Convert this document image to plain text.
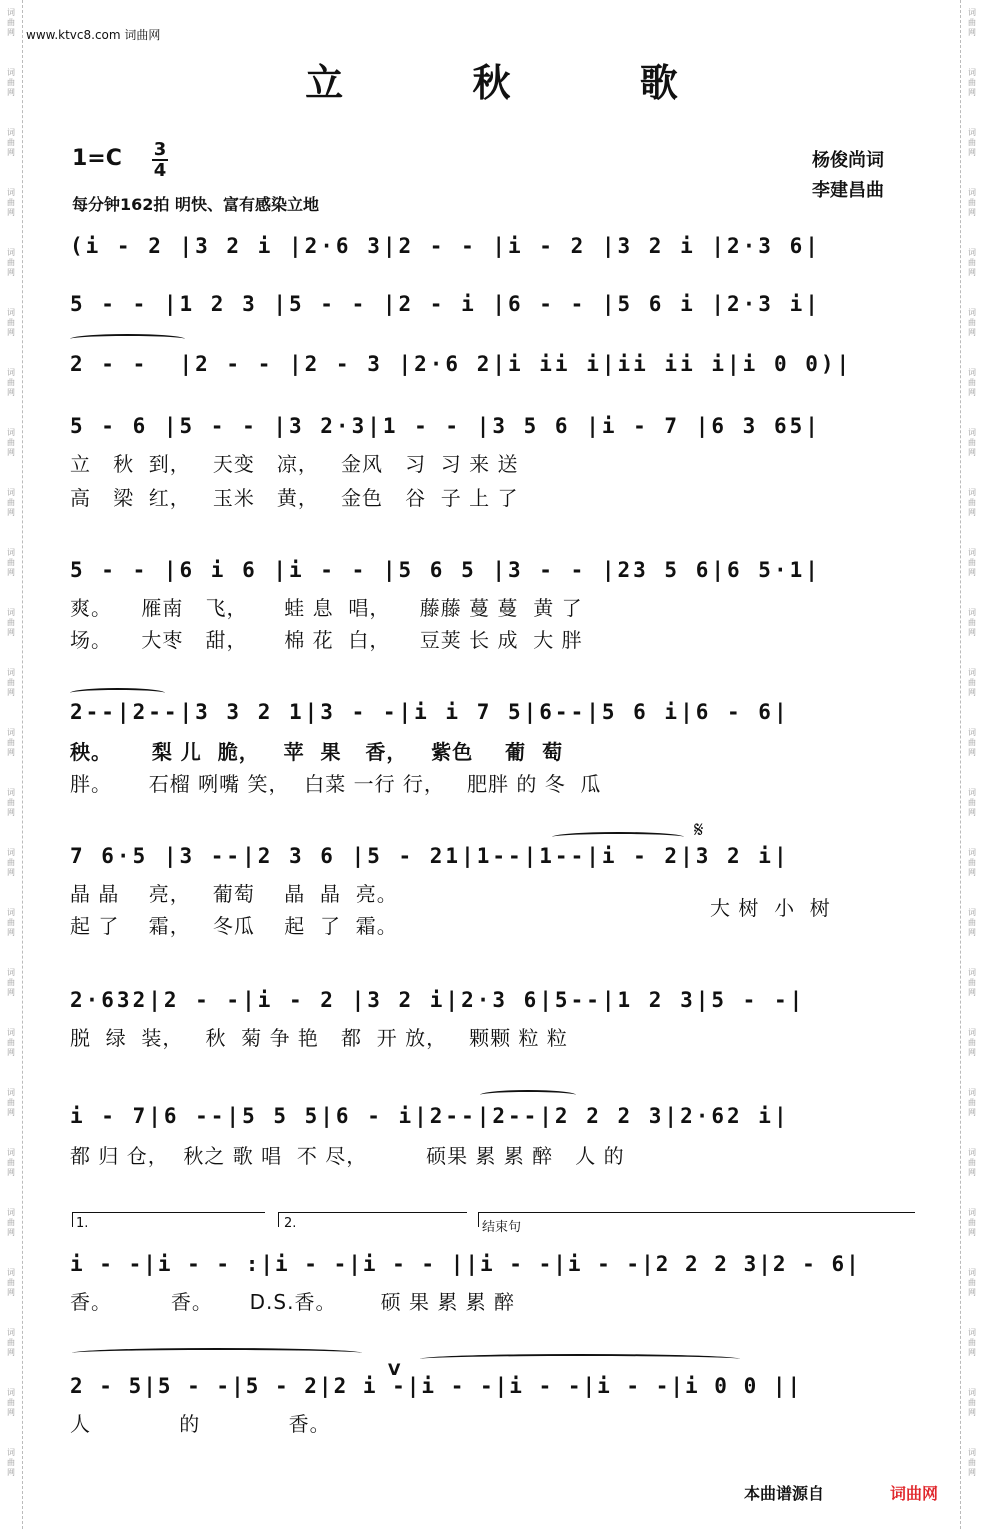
词
曲
网
词
曲
网
词
曲
网
词
曲
网
词
曲
网
词
曲
网
词
曲
网
词
曲
网
词
曲
网
词
曲
网
词
曲
网
词
曲
网
词
曲
网
词
曲
网
词
曲
网
词
曲
网
词
曲
网
词
曲
网
词
曲
网
词
曲
网
词
曲
网
词
曲
网
词
曲
网
词
曲
网
词
曲
网
词
曲
网
词
曲
网
词
曲
网
词
曲
网
词
曲
网
词
曲
网
词
曲
网
词
曲
网
词
曲
网
词
曲
网
词
曲
网
词
曲
网
词
曲
网
词
曲
网
词
曲
网
词
曲
网
词
曲
网
词
曲
网
词
曲
网
词
曲
网
词
曲
网
词
曲
网
词
曲
网
词
曲
网
词
曲
网
www.ktvc8.com 词曲网
立 秋 歌
1=C 3
4
每分钟162拍 明快、富有感染立地
杨俊尚词
李建昌曲
(i - 2 |3 2 i |2·6 3|2 - - |i - 2 |3 2 i |2·3 6|
5 - - |1 2 3 |5 - - |2 - i |6 - - |5 6 i |2·3 i|
2 - -  |2 - - |2 - 3 |2·6 2|i ii i|ii ii i|i 0 0)|
5 - 6 |5 - - |3 2·3|1 - - |3 5 6 |i - 7 |6 3 65|
立   秋  到，   天变   凉，   金风   习  习 来 送
高   梁  红，   玉米   黄，   金色   谷  子 上 了
5 - - |6 i 6 |i - - |5 6 5 |3 - - |23 5 6|6 5·1|
爽。    雁南   飞，     蛙 息  唱，    藤藤 蔓 蔓  黄 了
场。    大枣   甜，     棉 花  白，    豆荚 长 成  大 胖
2--|2--|3 3 2 1|3 - -|i i 7 5|6--|5 6 i|6 - 6|
秧。     梨 儿  脆，   苹  果   香，   紫色    葡  萄
胖。     石榴 咧嘴 笑，  白菜 一行 行，   肥胖 的 冬  瓜
𝄋
7 6·5 |3 --|2 3 6 |5 - 21|1--|1--|i - 2|3 2 i|
晶 晶    亮，   葡萄    晶  晶  亮。
起 了    霜，   冬瓜    起  了  霜。
大 树  小  树
2·632|2 - -|i - 2 |3 2 i|2·3 6|5--|1 2 3|5 - -|
脱  绿  装，   秋  菊 争 艳   都  开 放，   颗颗 粒 粒
i - 7|6 --|5 5 5|6 - i|2--|2--|2 2 2 3|2·62 i|
都 归 仓，  秋之 歌 唱  不 尽，        硕果 累 累 醉   人 的
1.	2.	结束句
i - -|i - - :|i - -|i - - ||i - -|i - -|2 2 2 3|2 - 6|
香。        香。     D.S.香。      硕 果 累 累 醉
V
2 - 5|5 - -|5 - 2|2 i -|i - -|i - -|i - -|i 0 0 ||
人            的            香。
本曲谱源自	词曲网
